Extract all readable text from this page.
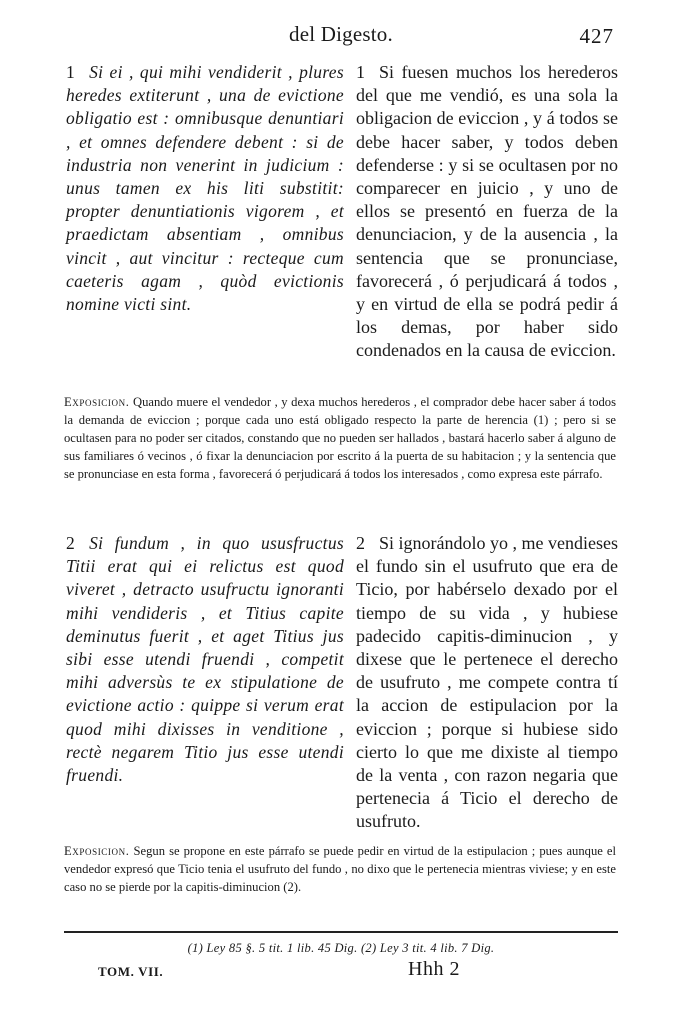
del Digesto.	427
1 Si ei , qui mihi vendiderit , plures heredes extiterunt , una de evictione obligatio est : omnibusque denuntiari , et omnes defendere debent : si de industria non venerint in judicium : unus tamen ex his liti substitit: propter denuntiationis vigorem , et praedictam absentiam , omnibus vincit , aut vincitur : recteque cum caeteris agam , quòd evictionis nomine victi sint.
1 Si fuesen muchos los herederos del que me vendió, es una sola la obligacion de eviccion , y á todos se debe hacer saber, y todos deben defenderse : y si se ocultasen por no comparecer en juicio , y uno de ellos se presentó en fuerza de la denunciacion, y de la ausencia , la sentencia que se pronunciase, favorecerá , ó perjudicará á todos , y en virtud de ella se podrá pedir á los demas, por haber sido condenados en la causa de eviccion.
Exposicion. Quando muere el vendedor , y dexa muchos herederos , el comprador debe hacer saber á todos la demanda de eviccion ; porque cada uno está obligado respecto la parte de herencia (1) ; pero si se ocultasen para no poder ser citados, constando que no pueden ser hallados , bastará hacerlo saber á alguno de sus familiares ó vecinos , ó fixar la denunciacion por escrito á la puerta de su habitacion ; y la sentencia que se pronunciase en esta forma , favorecerá ó perjudicará á todos los interesados , como expresa este párrafo.
2 Si fundum , in quo ususfructus Titii erat qui ei relictus est quod viveret , detracto usufructu ignoranti mihi vendideris , et Titius capite deminutus fuerit , et aget Titius jus sibi esse utendi fruendi , competit mihi adversùs te ex stipulatione de evictione actio : quippe si verum erat quod mihi dixisses in venditione , rectè negarem Titio jus esse utendi fruendi.
2 Si ignorándolo yo , me vendieses el fundo sin el usufruto que era de Ticio, por habérselo dexado por el tiempo de su vida , y hubiese padecido capitis-diminucion , y dixese que le pertenece el derecho de usufruto , me compete contra tí la accion de estipulacion por la eviccion ; porque si hubiese sido cierto lo que me dixiste al tiempo de la venta , con razon negaria que pertenecia á Ticio el derecho de usufruto.
Exposicion. Segun se propone en este párrafo se puede pedir en virtud de la estipulacion ; pues aunque el vendedor expresó que Ticio tenia el usufruto del fundo , no dixo que le pertenecia mientras viviese; y en este caso no se pierde por la capitis-diminucion (2).
(1) Ley 85 §. 5 tit. 1 lib. 45 Dig. (2) Ley 3 tit. 4 lib. 7 Dig.
TOM. VII.	Hhh 2
